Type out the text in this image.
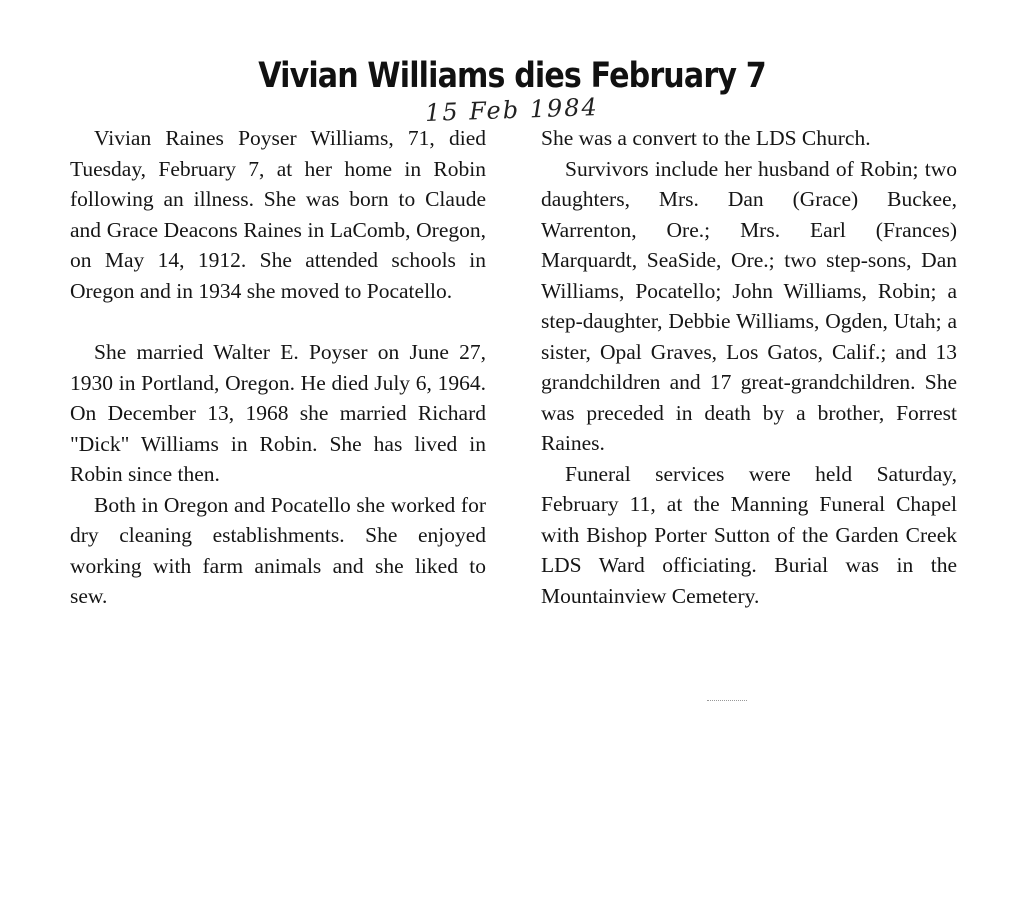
Vivian Williams dies February 7
15 Feb 1984

Vivian Raines Poyser Williams, 71, died Tuesday, February 7, at her home in Robin following an illness. She was born to Claude and Grace Deacons Raines in LaComb, Oregon, on May 14, 1912. She attended schools in Oregon and in 1934 she moved to Pocatello.

She married Walter E. Poyser on June 27, 1930 in Portland, Oregon. He died July 6, 1964. On December 13, 1968 she married Richard "Dick" Williams in Robin. She has lived in Robin since then.

Both in Oregon and Pocatello she worked for dry cleaning establishments. She enjoyed working with farm animals and she liked to sew.

She was a convert to the LDS Church.

Survivors include her husband of Robin; two daughters, Mrs. Dan (Grace) Buckee, Warrenton, Ore.; Mrs. Earl (Frances) Marquardt, SeaSide, Ore.; two step-sons, Dan Williams, Pocatello; John Williams, Robin; a step-daughter, Debbie Williams, Ogden, Utah; a sister, Opal Graves, Los Gatos, Calif.; and 13 grandchildren and 17 great-grandchildren. She was preceded in death by a brother, Forrest Raines.

Funeral services were held Saturday, February 11, at the Manning Funeral Chapel with Bishop Porter Sutton of the Garden Creek LDS Ward officiating. Burial was in the Mountainview Cemetery.
